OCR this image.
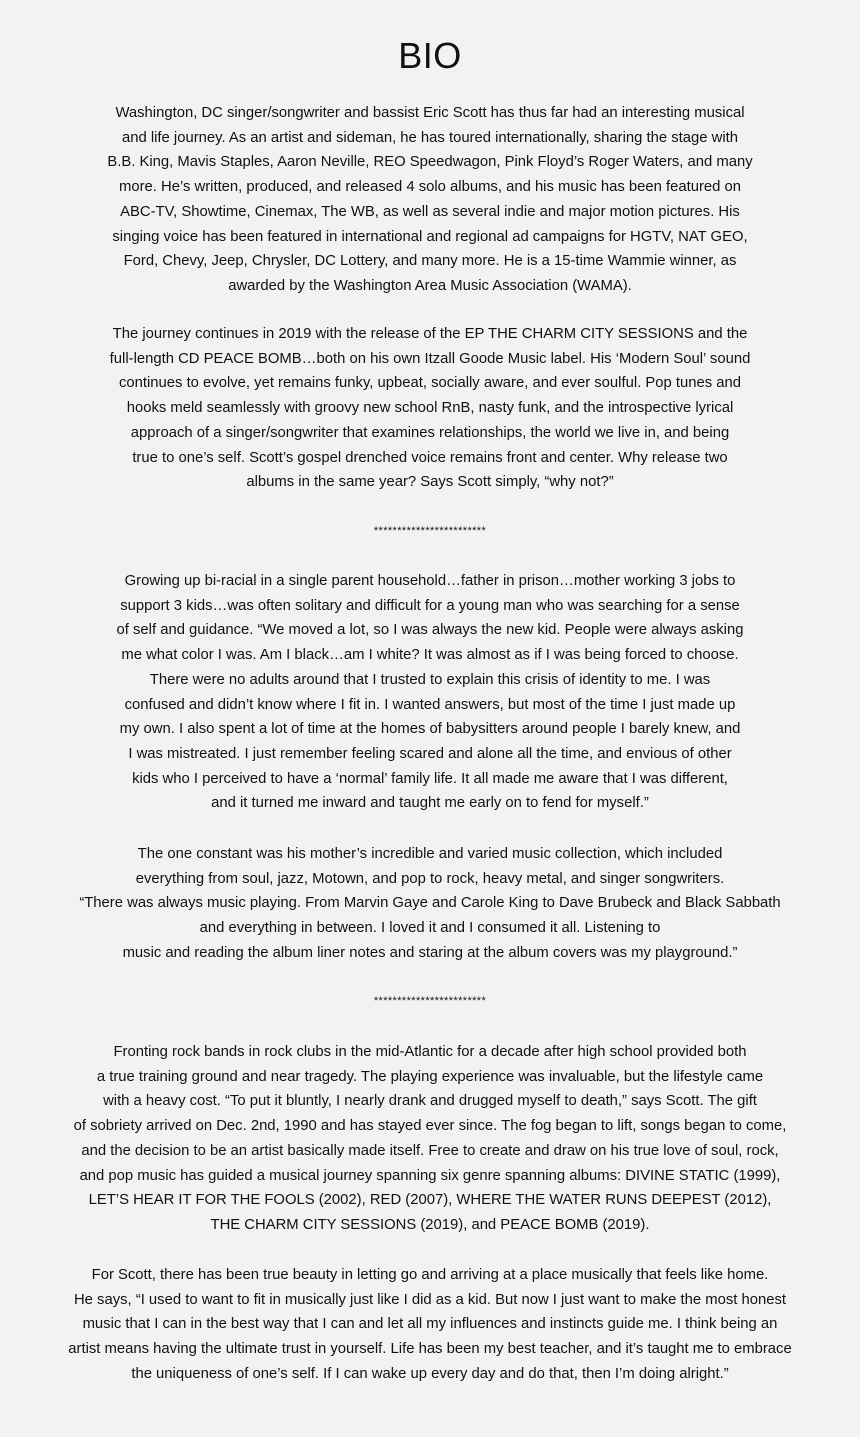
BIO

Washington, DC singer/songwriter and bassist Eric Scott has thus far had an interesting musical
and life journey. As an artist and sideman, he has toured internationally, sharing the stage with
B.B. King, Mavis Staples, Aaron Neville, REO Speedwagon, Pink Floyd’s Roger Waters, and many
more. He’s written, produced, and released 4 solo albums, and his music has been featured on
ABC-TV, Showtime, Cinemax, The WB, as well as several indie and major motion pictures. His
singing voice has been featured in international and regional ad campaigns for HGTV, NAT GEO,
Ford, Chevy, Jeep, Chrysler, DC Lottery, and many more. He is a 15-time Wammie winner, as
awarded by the Washington Area Music Association (WAMA).

The journey continues in 2019 with the release of the EP THE CHARM CITY SESSIONS and the
full-length CD PEACE BOMB…both on his own Itzall Goode Music label. His ‘Modern Soul’ sound
continues to evolve, yet remains funky, upbeat, socially aware, and ever soulful. Pop tunes and
hooks meld seamlessly with groovy new school RnB, nasty funk, and the introspective lyrical
approach of a singer/songwriter that examines relationships, the world we live in, and being
true to one’s self. Scott’s gospel drenched voice remains front and center. Why release two
albums in the same year? Says Scott simply, “why not?”

************************

Growing up bi-racial in a single parent household…father in prison…mother working 3 jobs to
support 3 kids…was often solitary and difficult for a young man who was searching for a sense
of self and guidance. “We moved a lot, so I was always the new kid. People were always asking
me what color I was. Am I black…am I white? It was almost as if I was being forced to choose.
There were no adults around that I trusted to explain this crisis of identity to me. I was
confused and didn’t know where I fit in. I wanted answers, but most of the time I just made up
my own. I also spent a lot of time at the homes of babysitters around people I barely knew, and
I was mistreated. I just remember feeling scared and alone all the time, and envious of other
kids who I perceived to have a ‘normal’ family life. It all made me aware that I was different,
and it turned me inward and taught me early on to fend for myself.”

The one constant was his mother’s incredible and varied music collection, which included
everything from soul, jazz, Motown, and pop to rock, heavy metal, and singer songwriters.
“There was always music playing. From Marvin Gaye and Carole King to Dave Brubeck and Black Sabbath
and everything in between. I loved it and I consumed it all. Listening to
music and reading the album liner notes and staring at the album covers was my playground.”

************************

Fronting rock bands in rock clubs in the mid-Atlantic for a decade after high school provided both
a true training ground and near tragedy. The playing experience was invaluable, but the lifestyle came
with a heavy cost. “To put it bluntly, I nearly drank and drugged myself to death,” says Scott. The gift
of sobriety arrived on Dec. 2nd, 1990 and has stayed ever since. The fog began to lift, songs began to come,
and the decision to be an artist basically made itself. Free to create and draw on his true love of soul, rock,
and pop music has guided a musical journey spanning six genre spanning albums: DIVINE STATIC (1999),
LET’S HEAR IT FOR THE FOOLS (2002), RED (2007), WHERE THE WATER RUNS DEEPEST (2012),
THE CHARM CITY SESSIONS (2019), and PEACE BOMB (2019).

For Scott, there has been true beauty in letting go and arriving at a place musically that feels like home.
He says, “I used to want to fit in musically just like I did as a kid. But now I just want to make the most honest
music that I can in the best way that I can and let all my influences and instincts guide me. I think being an
artist means having the ultimate trust in yourself. Life has been my best teacher, and it’s taught me to embrace
the uniqueness of one’s self. If I can wake up every day and do that, then I’m doing alright.”
